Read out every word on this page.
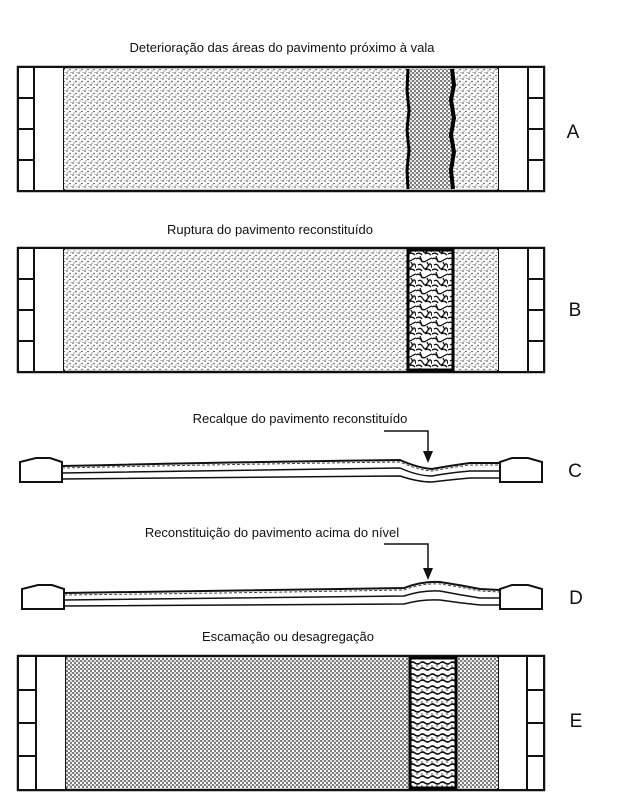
Deterioração das áreas do pavimento próximo à vala
A
Ruptura do pavimento reconstituído
B
Recalque do pavimento reconstituído
C
Reconstituição do pavimento acima do nível
D
Escamação ou desagregação
E
